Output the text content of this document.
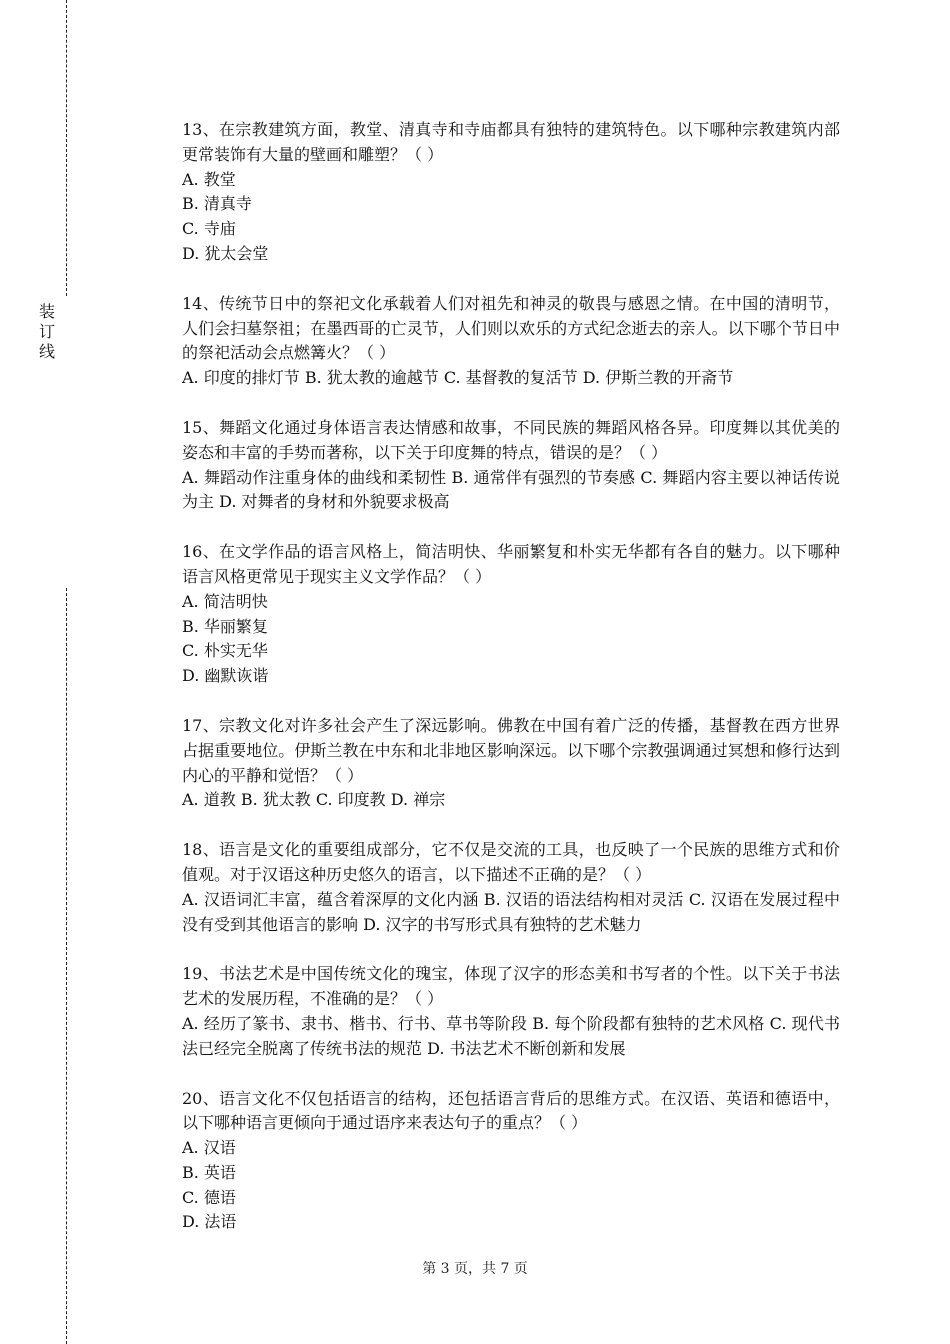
装
订
线

13、在宗教建筑方面，教堂、清真寺和寺庙都具有独特的建筑特色。以下哪种宗教建筑内部更常装饰有大量的壁画和雕塑？（ ）

A. 教堂

B. 清真寺

C. 寺庙

D. 犹太会堂

14、传统节日中的祭祀文化承载着人们对祖先和神灵的敬畏与感恩之情。在中国的清明节，人们会扫墓祭祖；在墨西哥的亡灵节，人们则以欢乐的方式纪念逝去的亲人。以下哪个节日中的祭祀活动会点燃篝火？（ ）

A. 印度的排灯节 B. 犹太教的逾越节 C. 基督教的复活节 D. 伊斯兰教的开斋节

15、舞蹈文化通过身体语言表达情感和故事，不同民族的舞蹈风格各异。印度舞以其优美的姿态和丰富的手势而著称，以下关于印度舞的特点，错误的是？（ ）

A. 舞蹈动作注重身体的曲线和柔韧性 B. 通常伴有强烈的节奏感 C. 舞蹈内容主要以神话传说为主 D. 对舞者的身材和外貌要求极高

16、在文学作品的语言风格上，简洁明快、华丽繁复和朴实无华都有各自的魅力。以下哪种语言风格更常见于现实主义文学作品？（ ）

A. 简洁明快

B. 华丽繁复

C. 朴实无华

D. 幽默诙谐

17、宗教文化对许多社会产生了深远影响。佛教在中国有着广泛的传播，基督教在西方世界占据重要地位。伊斯兰教在中东和北非地区影响深远。以下哪个宗教强调通过冥想和修行达到内心的平静和觉悟？（ ）

A. 道教 B. 犹太教 C. 印度教 D. 禅宗

18、语言是文化的重要组成部分，它不仅是交流的工具，也反映了一个民族的思维方式和价值观。对于汉语这种历史悠久的语言，以下描述不正确的是？（ ）

A. 汉语词汇丰富，蕴含着深厚的文化内涵 B. 汉语的语法结构相对灵活 C. 汉语在发展过程中没有受到其他语言的影响 D. 汉字的书写形式具有独特的艺术魅力

19、书法艺术是中国传统文化的瑰宝，体现了汉字的形态美和书写者的个性。以下关于书法艺术的发展历程，不准确的是？（ ）

A. 经历了篆书、隶书、楷书、行书、草书等阶段 B. 每个阶段都有独特的艺术风格 C. 现代书法已经完全脱离了传统书法的规范 D. 书法艺术不断创新和发展

20、语言文化不仅包括语言的结构，还包括语言背后的思维方式。在汉语、英语和德语中，以下哪种语言更倾向于通过语序来表达句子的重点？（ ）

A. 汉语

B. 英语

C. 德语

D. 法语

第 3 页，共 7 页
